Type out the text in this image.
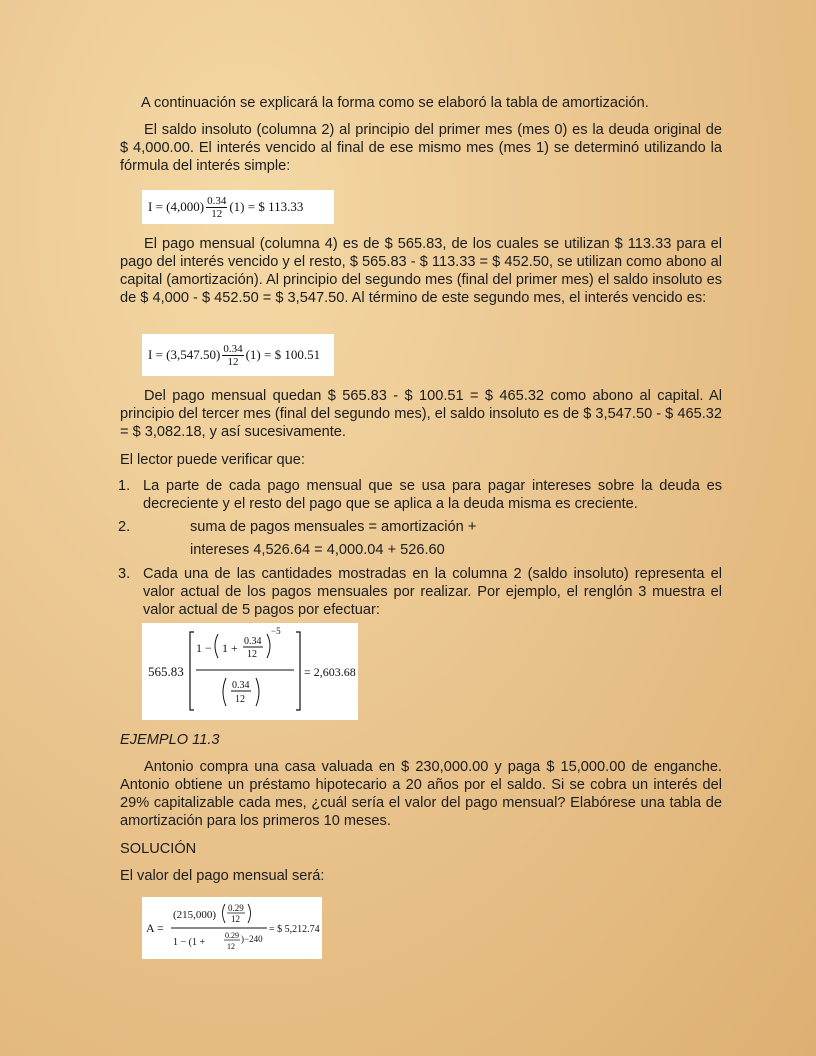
A continuación se explicará la forma como se elaboró la tabla de amortización.
El saldo insoluto (columna 2) al principio del primer mes (mes 0) es la deuda original de $ 4,000.00. El interés vencido al final de ese mismo mes (mes 1) se determinó utilizando la fórmula del interés simple:
$I = (4,000) \frac{0.34}{12} (1)$ = $ 113.33
El pago mensual (columna 4) es de $ 565.83, de los cuales se utilizan $ 113.33 para el pago del interés vencido y el resto, $ 565.83 - $ 113.33 = $ 452.50, se utilizan como abono al capital (amortización). Al principio del segundo mes (final del primer mes) el saldo insoluto es de $ 4,000 - $ 452.50 = $ 3,547.50. Al término de este segundo mes, el interés vencido es:
$I = (3,547.50) \frac{0.34}{12} (1)$ = $ 100.51
Del pago mensual quedan $ 565.83 - $ 100.51 = $ 465.32 como abono al capital. Al principio del tercer mes (final del segundo mes), el saldo insoluto es de $ 3,547.50 - $ 465.32 = $ 3,082.18, y así sucesivamente.
El lector puede verificar que:
1. La parte de cada pago mensual que se usa para pagar intereses sobre la deuda es decreciente y el resto del pago que se aplica a la deuda misma es creciente.
2.	suma de pagos mensuales = amortización +
intereses 4,526.64 = 4,000.04 + 526.60
3. Cada una de las cantidades mostradas en la columna 2 (saldo insoluto) representa el valor actual de los pagos mensuales por realizar. Por ejemplo, el renglón 3 muestra el valor actual de 5 pagos por efectuar:
565.83
1 − 1 + 0.34
12
−5
0.34
12
= 2,603.68
EJEMPLO 11.3
Antonio compra una casa valuada en $ 230,000.00 y paga $ 15,000.00 de enganche. Antonio obtiene un préstamo hipotecario a 20 años por el saldo. Si se cobra un interés del 29% capitalizable cada mes, ¿cuál sería el valor del pago mensual? Elabórese una tabla de amortización para los primeros 10 meses.
SOLUCIÓN
El valor del pago mensual será:
A =
(215,000)
0.29
12
1 − (1 +
0.29
12
)−240
= $ 5,212.74
